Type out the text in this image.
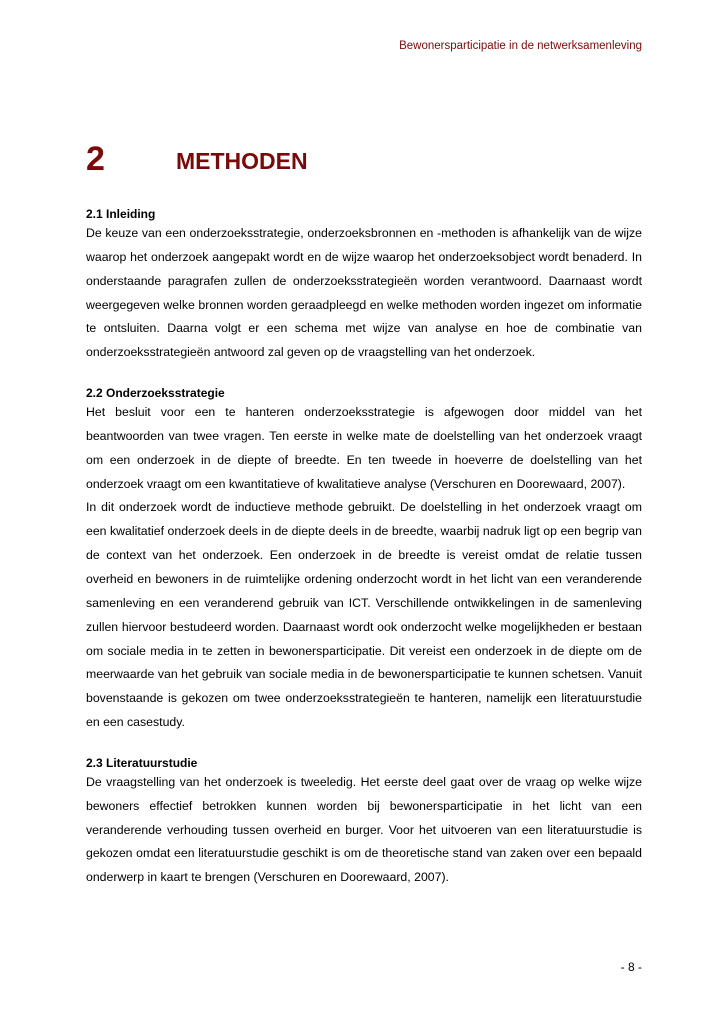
Bewonersparticipatie in de netwerksamenleving
2	METHODEN
2.1 Inleiding

De keuze van een onderzoeksstrategie, onderzoeksbronnen en -methoden is afhankelijk van de wijze waarop het onderzoek aangepakt wordt en de wijze waarop het onderzoeksobject wordt benaderd. In onderstaande paragrafen zullen de onderzoeksstrategieën worden verantwoord. Daarnaast wordt weergegeven welke bronnen worden geraadpleegd en welke methoden worden ingezet om informatie te ontsluiten. Daarna volgt er een schema met wijze van analyse en hoe de combinatie van onderzoeksstrategieën antwoord zal geven op de vraagstelling van het onderzoek.

2.2 Onderzoeksstrategie

Het besluit voor een te hanteren onderzoeksstrategie is afgewogen door middel van het beantwoorden van twee vragen. Ten eerste in welke mate de doelstelling van het onderzoek vraagt om een onderzoek in de diepte of breedte. En ten tweede in hoeverre de doelstelling van het onderzoek vraagt om een kwantitatieve of kwalitatieve analyse (Verschuren en Doorewaard, 2007).

In dit onderzoek wordt de inductieve methode gebruikt. De doelstelling in het onderzoek vraagt om een kwalitatief onderzoek deels in de diepte deels in de breedte, waarbij nadruk ligt op een begrip van de context van het onderzoek. Een onderzoek in de breedte is vereist omdat de relatie tussen overheid en bewoners in de ruimtelijke ordening onderzocht wordt in het licht van een veranderende samenleving en een veranderend gebruik van ICT. Verschillende ontwikkelingen in de samenleving zullen hiervoor bestudeerd worden. Daarnaast wordt ook onderzocht welke mogelijkheden er bestaan om sociale media in te zetten in bewonersparticipatie. Dit vereist een onderzoek in de diepte om de meerwaarde van het gebruik van sociale media in de bewonersparticipatie te kunnen schetsen. Vanuit bovenstaande is gekozen om twee onderzoeksstrategieën te hanteren, namelijk een literatuurstudie en een casestudy.

2.3 Literatuurstudie

De vraagstelling van het onderzoek is tweeledig. Het eerste deel gaat over de vraag op welke wijze bewoners effectief betrokken kunnen worden bij bewonersparticipatie in het licht van een veranderende verhouding tussen overheid en burger. Voor het uitvoeren van een literatuurstudie is gekozen omdat een literatuurstudie geschikt is om de theoretische stand van zaken over een bepaald onderwerp in kaart te brengen (Verschuren en Doorewaard, 2007).

- 8 -
